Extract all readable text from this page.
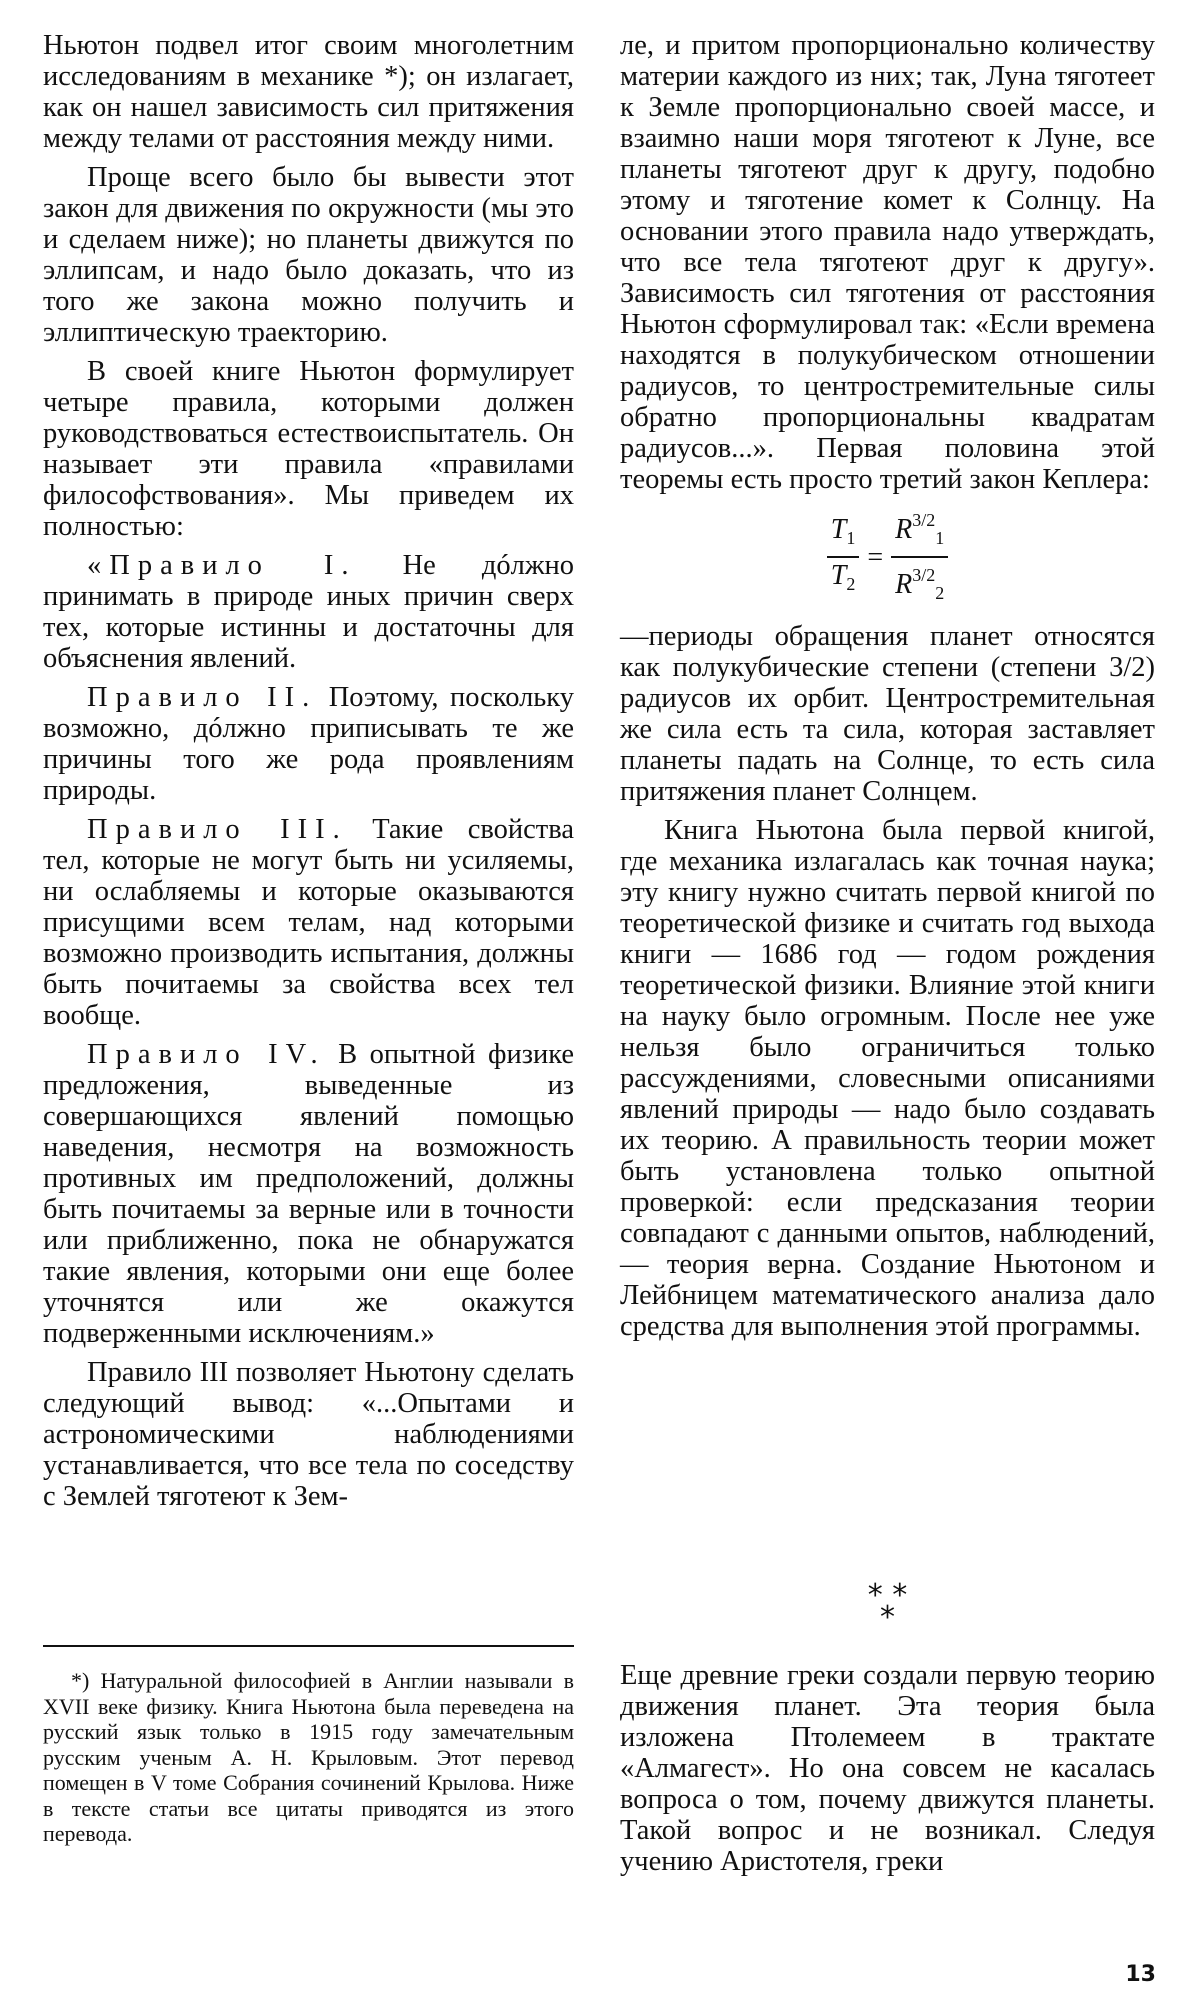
Ньютон подвел итог своим многолетним исследованиям в механике *); он излагает, как он нашел зависимость сил притяжения между телами от расстояния между ними.

Проще всего было бы вывести этот закон для движения по окружности (мы это и сделаем ниже); но планеты движутся по эллипсам, и надо было доказать, что из того же закона можно получить и эллиптическую траекторию.

В своей книге Ньютон формулирует четыре правила, которыми должен руководствоваться естествоиспытатель. Он называет эти правила «правилами философствования». Мы приведем их полностью:

«Правило I. Не дóлжно принимать в природе иных причин сверх тех, которые истинны и достаточны для объяснения явлений.

Правило II. Поэтому, поскольку возможно, дóлжно приписывать те же причины того же рода проявлениям природы.

Правило III. Такие свойства тел, которые не могут быть ни усиляемы, ни ослабляемы и которые оказываются присущими всем телам, над которыми возможно производить испытания, должны быть почитаемы за свойства всех тел вообще.

Правило IV. В опытной физике предложения, выведенные из совершающихся явлений помощью наведения, несмотря на возможность противных им предположений, должны быть почитаемы за верные или в точности или приближенно, пока не обнаружатся такие явления, которыми они еще более уточнятся или же окажутся подверженными исключениям.»

Правило III позволяет Ньютону сделать следующий вывод: «...Опытами и астрономическими наблюдениями устанавливается, что все тела по соседству с Землей тяготеют к Зем-

ле, и притом пропорционально количеству материи каждого из них; так, Луна тяготеет к Земле пропорционально своей массе, и взаимно наши моря тяготеют к Луне, все планеты тяготеют друг к другу, подобно этому и тяготение комет к Солнцу. На основании этого правила надо утверждать, что все тела тяготеют друг к другу». Зависимость сил тяготения от расстояния Ньютон сформулировал так: «Если времена находятся в полукубическом отношении радиусов, то центростремительные силы обратно пропорциональны квадратам радиусов...». Первая половина этой теоремы есть просто третий закон Кеплера:

$\frac{T_1}{T_2} = \frac{R^{3/2}_1}{R^{3/2}_2}$

—периоды обращения планет относятся как полукубические степени (степени 3/2) радиусов их орбит. Центростремительная же сила есть та сила, которая заставляет планеты падать на Солнце, то есть сила притяжения планет Солнцем.

Книга Ньютона была первой книгой, где механика излагалась как точная наука; эту книгу нужно считать первой книгой по теоретической физике и считать год выхода книги — 1686 год — годом рождения теоретической физики. Влияние этой книги на науку было огромным. После нее уже нельзя было ограничиться только рассуждениями, словесными описаниями явлений природы — надо было создавать их теорию. А правильность теории может быть установлена только опытной проверкой: если предсказания теории совпадают с данными опытов, наблюдений, — теория верна. Создание Ньютоном и Лейбницем математического анализа дало средства для выполнения этой программы.

* *
*
*) Натуральной философией в Англии называли в XVII веке физику. Книга Ньютона была переведена на русский язык только в 1915 году замечательным русским ученым А. Н. Крыловым. Этот перевод помещен в V томе Собрания сочинений Крылова. Ниже в тексте статьи все цитаты приводятся из этого перевода.

Еще древние греки создали первую теорию движения планет. Эта теория была изложена Птолемеем в трактате «Алмагест». Но она совсем не касалась вопроса о том, почему движутся планеты. Такой вопрос и не возникал. Следуя учению Аристотеля, греки

13
